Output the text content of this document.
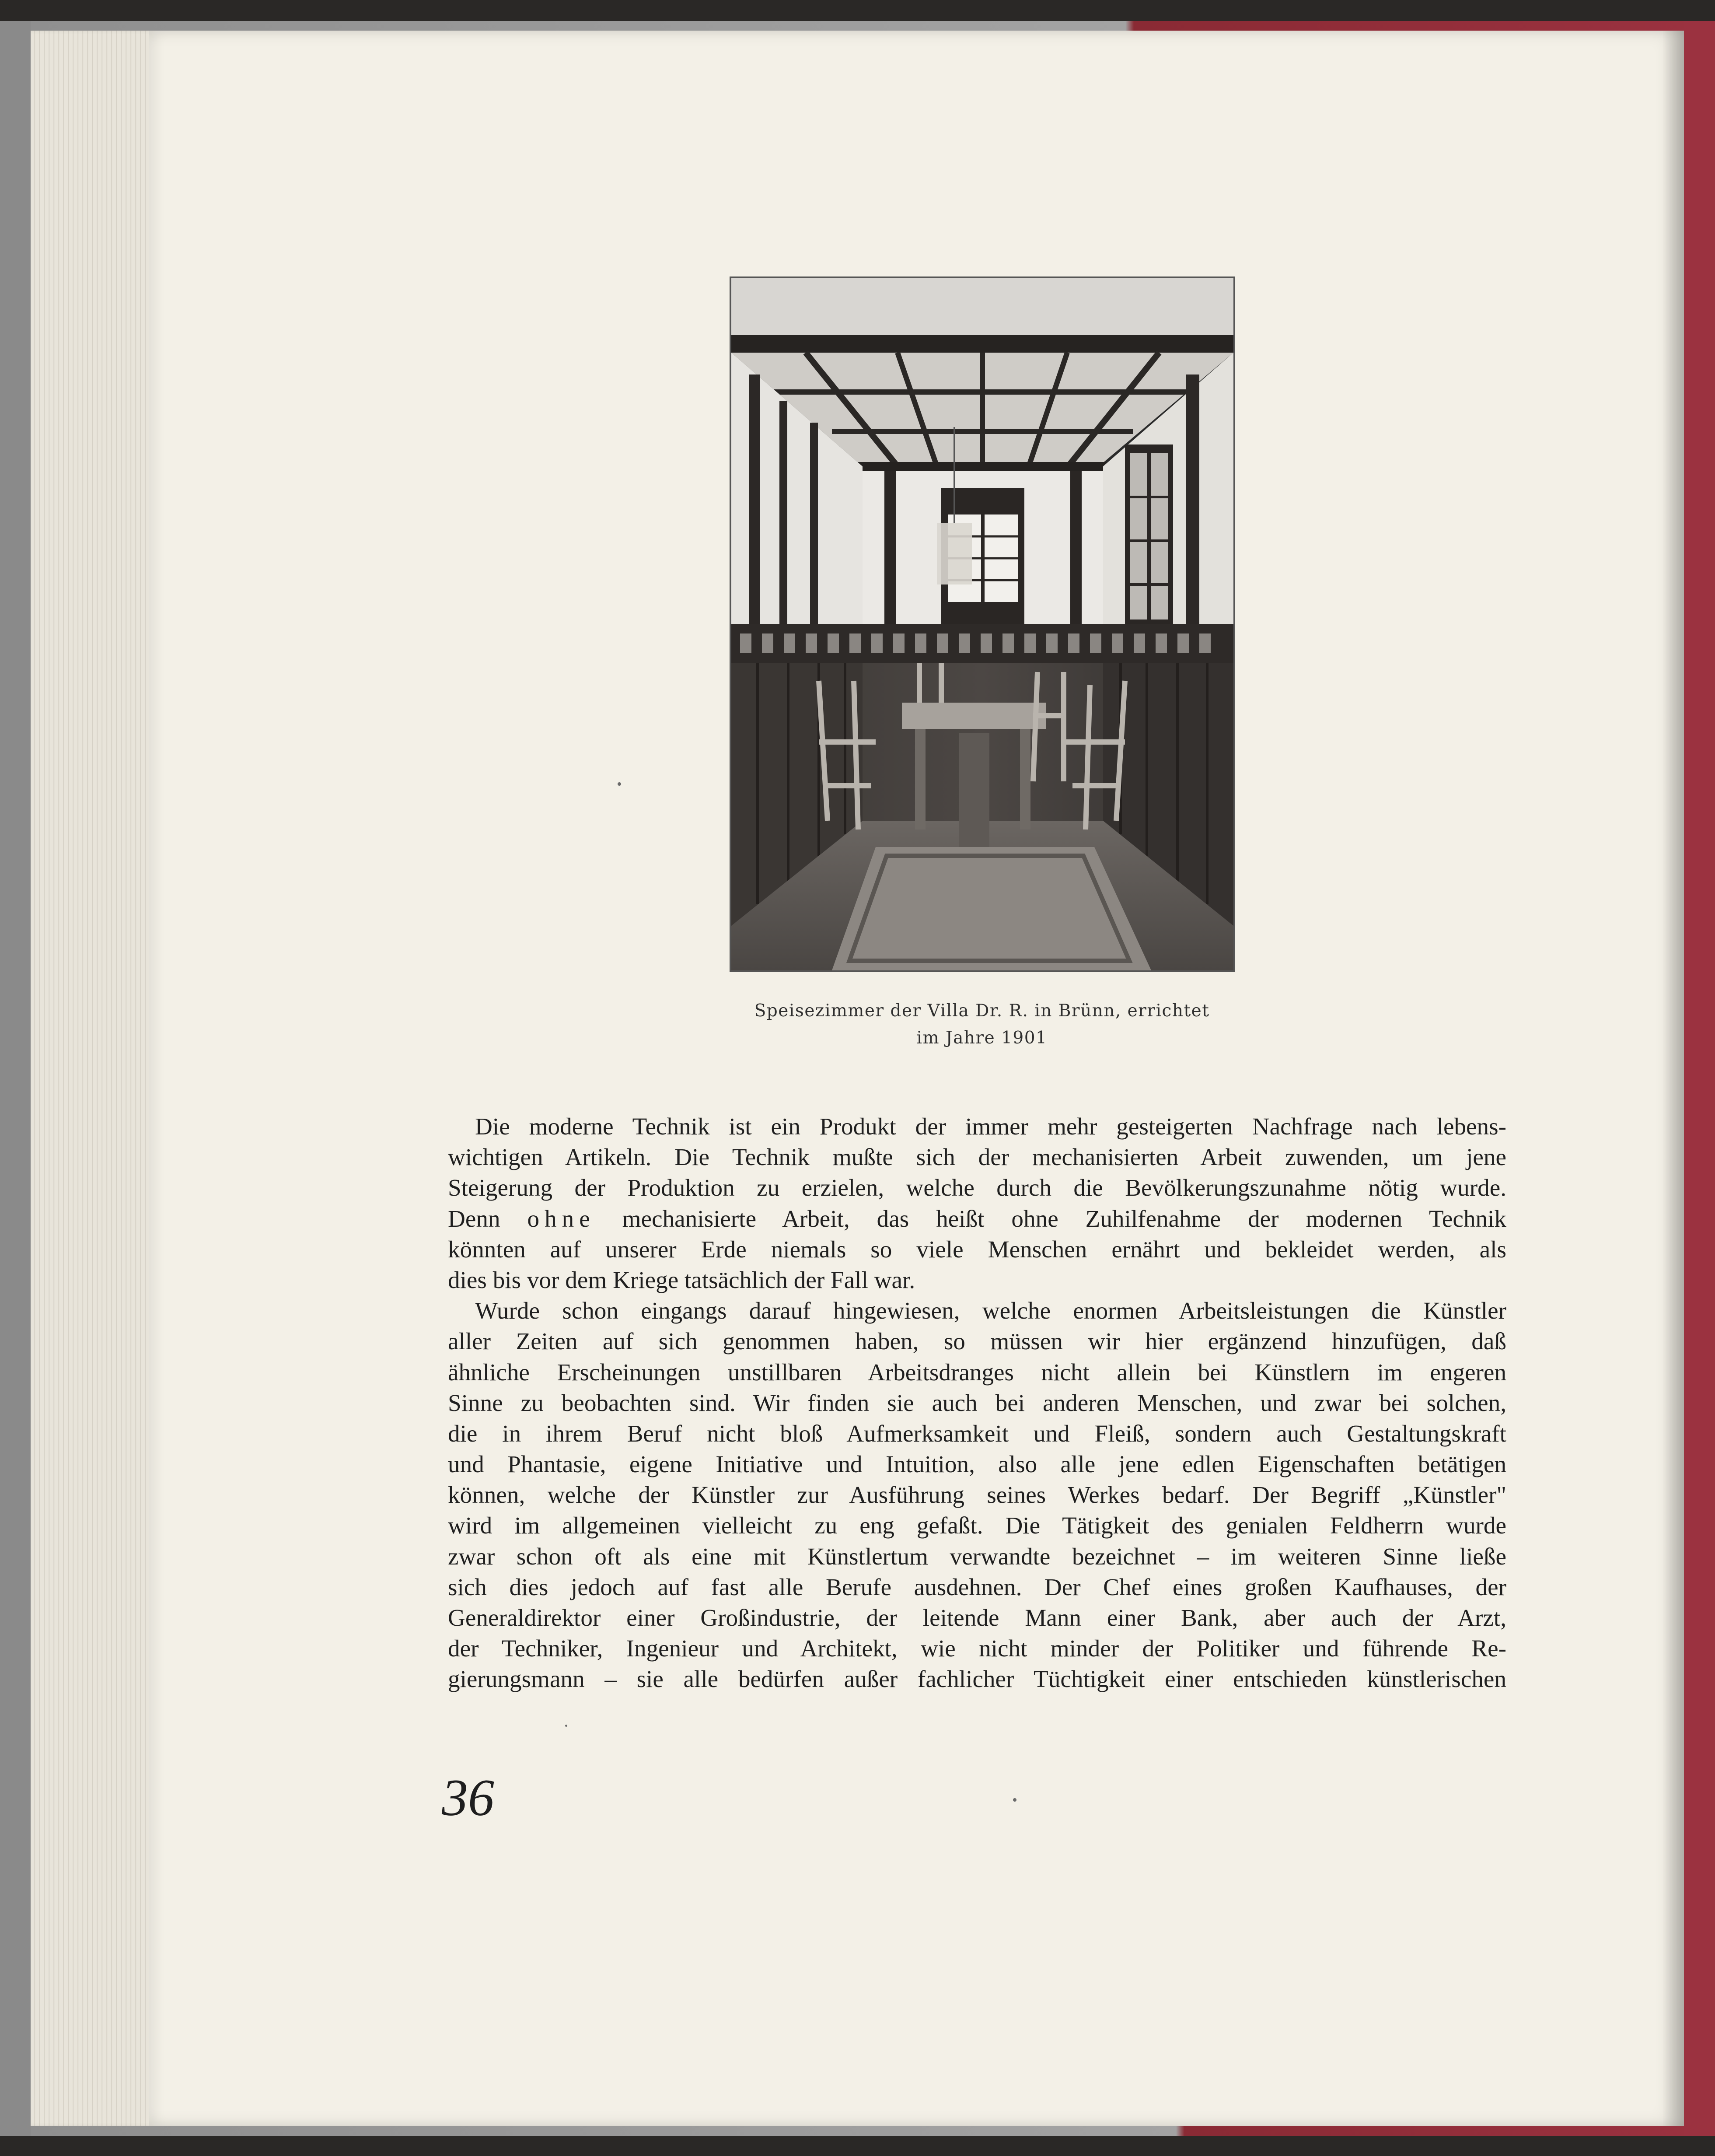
Speisezimmer der Villa Dr. R. in Brünn, errichtet
im Jahre 1901
Die moderne Technik ist ein Produkt der immer mehr gesteigerten Nachfrage nach lebens-
wichtigen Artikeln. Die Technik mußte sich der mechanisierten Arbeit zuwenden, um jene
Steigerung der Produktion zu erzielen, welche durch die Bevölkerungszunahme nötig wurde.
Denn ohne mechanisierte Arbeit, das heißt ohne Zuhilfenahme der modernen Technik
könnten auf unserer Erde niemals so viele Menschen ernährt und bekleidet werden, als
dies bis vor dem Kriege tatsächlich der Fall war.
Wurde schon eingangs darauf hingewiesen, welche enormen Arbeitsleistungen die Künstler
aller Zeiten auf sich genommen haben, so müssen wir hier ergänzend hinzufügen, daß
ähnliche Erscheinungen unstillbaren Arbeitsdranges nicht allein bei Künstlern im engeren
Sinne zu beobachten sind. Wir finden sie auch bei anderen Menschen, und zwar bei solchen,
die in ihrem Beruf nicht bloß Aufmerksamkeit und Fleiß, sondern auch Gestaltungskraft
und Phantasie, eigene Initiative und Intuition, also alle jene edlen Eigenschaften betätigen
können, welche der Künstler zur Ausführung seines Werkes bedarf. Der Begriff „Künstler"
wird im allgemeinen vielleicht zu eng gefaßt. Die Tätigkeit des genialen Feldherrn wurde
zwar schon oft als eine mit Künstlertum verwandte bezeichnet – im weiteren Sinne ließe
sich dies jedoch auf fast alle Berufe ausdehnen. Der Chef eines großen Kaufhauses, der
Generaldirektor einer Großindustrie, der leitende Mann einer Bank, aber auch der Arzt,
der Techniker, Ingenieur und Architekt, wie nicht minder der Politiker und führende Re-
gierungsmann – sie alle bedürfen außer fachlicher Tüchtigkeit einer entschieden künstlerischen
36
